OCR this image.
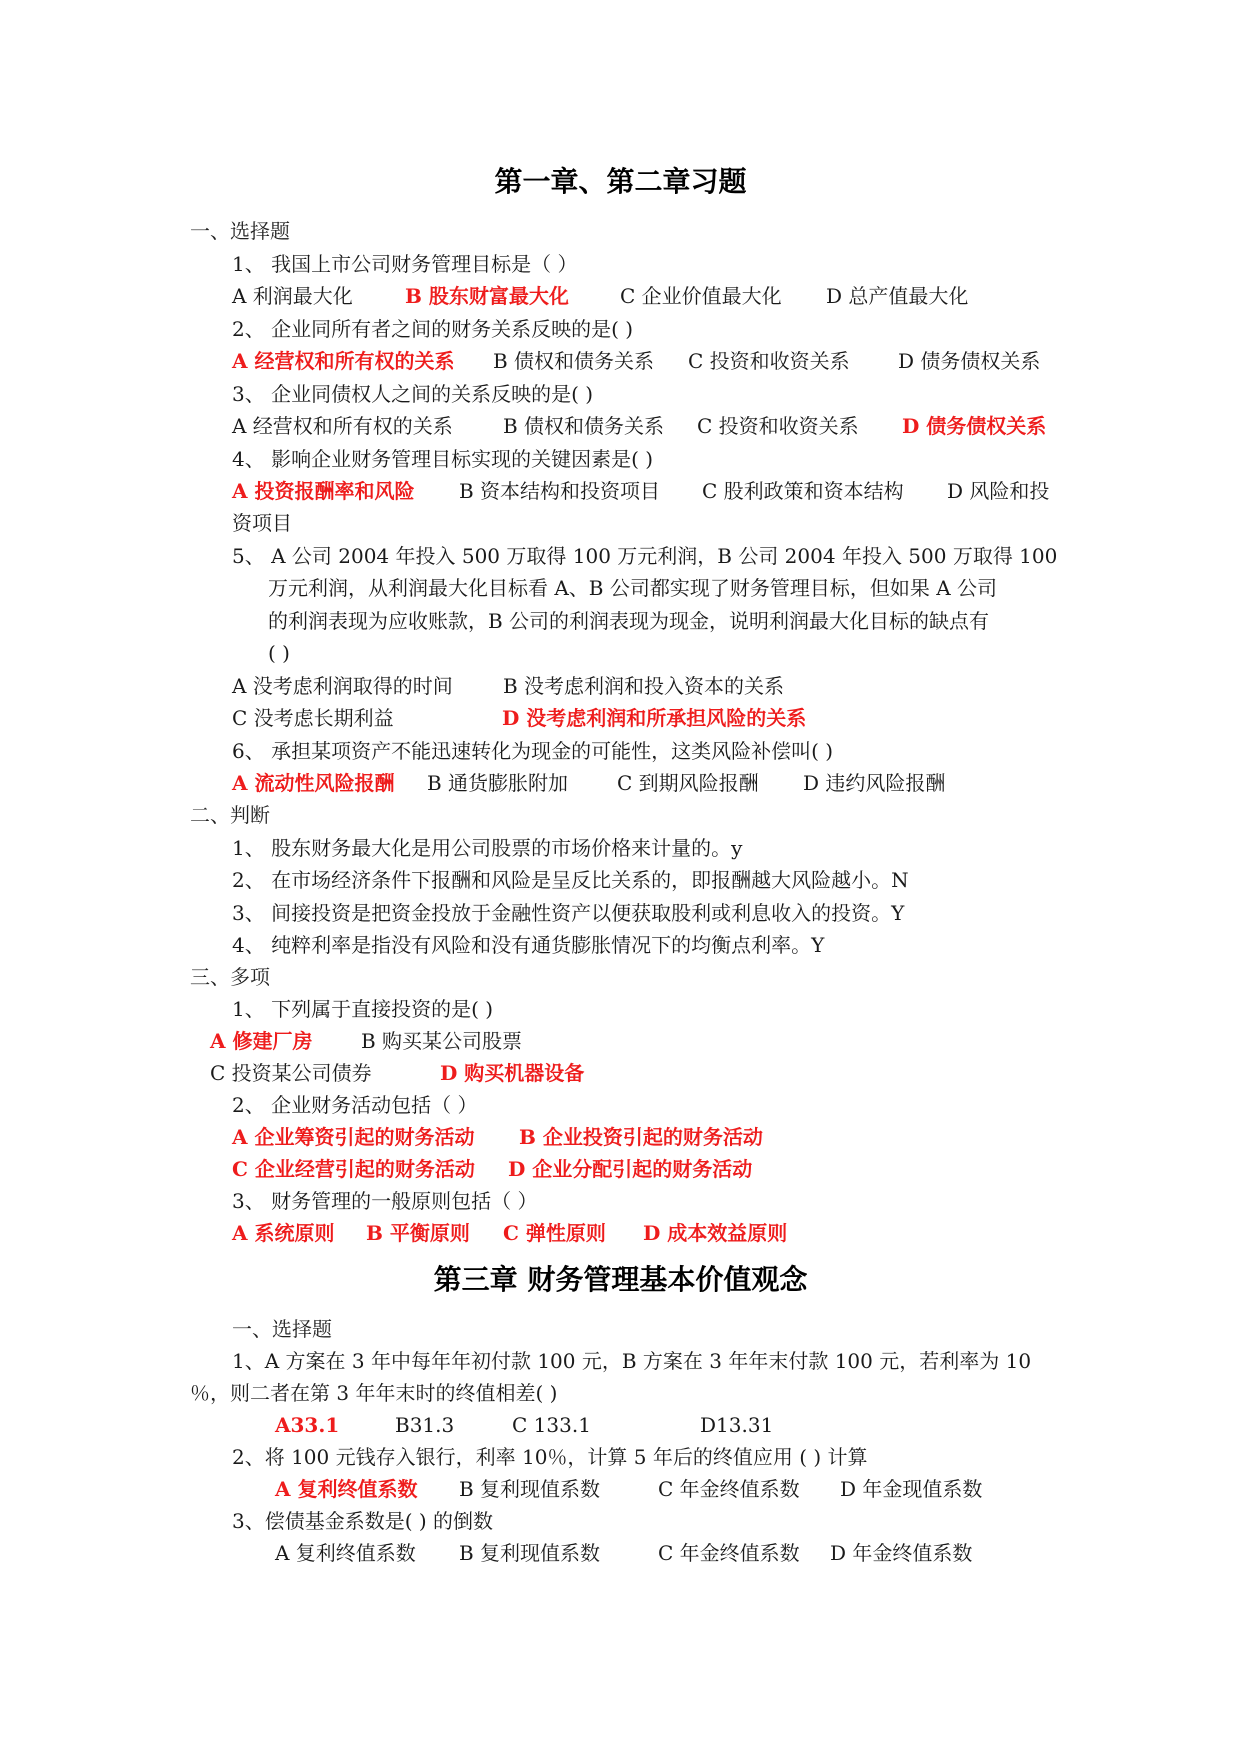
第一章、第二章习题
一、选择题
1、 我国上市公司财务管理目标是（ ）
A 利润最大化	B 股东财富最大化	C 企业价值最大化 D 总产值最大化
2、 企业同所有者之间的财务关系反映的是( )
A 经营权和所有权的关系 B 债权和债务关系 C 投资和收资关系 D 债务债权关系
3、 企业同债权人之间的关系反映的是( )
A 经营权和所有权的关系	B 债权和债务关系 C 投资和收资关系 D 债务债权关系
4、 影响企业财务管理目标实现的关键因素是( )
A 投资报酬率和风险 B 资本结构和投资项目 C 股利政策和资本结构 D 风险和投
资项目
5、 A 公司 2004 年投入 500 万取得 100 万元利润，B 公司 2004 年投入 500 万取得 100
万元利润，从利润最大化目标看 A、B 公司都实现了财务管理目标，但如果 A 公司
的利润表现为应收账款，B 公司的利润表现为现金，说明利润最大化目标的缺点有
( )
A 没考虑利润取得的时间	B 没考虑利润和投入资本的关系
C 没考虑长期利益	D 没考虑利润和所承担风险的关系
6、 承担某项资产不能迅速转化为现金的可能性，这类风险补偿叫( )
A 流动性风险报酬 B 通货膨胀附加 C 到期风险报酬 D 违约风险报酬
二、判断
1、 股东财务最大化是用公司股票的市场价格来计量的。y
2、 在市场经济条件下报酬和风险是呈反比关系的，即报酬越大风险越小。N
3、 间接投资是把资金投放于金融性资产以便获取股利或利息收入的投资。Y
4、 纯粹利率是指没有风险和没有通货膨胀情况下的均衡点利率。Y
三、多项
1、 下列属于直接投资的是( )
A 修建厂房 B 购买某公司股票
C 投资某公司债券	D 购买机器设备
2、 企业财务活动包括（ ）
A 企业筹资引起的财务活动 B 企业投资引起的财务活动
C 企业经营引起的财务活动 D 企业分配引起的财务活动
3、 财务管理的一般原则包括（ ）
A 系统原则 B 平衡原则 C 弹性原则 D 成本效益原则
第三章 财务管理基本价值观念
一、选择题
1、A 方案在 3 年中每年年初付款 100 元，B 方案在 3 年年末付款 100 元，若利率为 10
％，则二者在第 3 年年末时的终值相差( )
A33.1	B31.3	C 133.1	D13.31
2、将 100 元钱存入银行，利率 10％，计算 5 年后的终值应用 ( ) 计算
A 复利终值系数 B 复利现值系数	C 年金终值系数 D 年金现值系数
3、偿债基金系数是( ) 的倒数
A 复利终值系数 B 复利现值系数	C 年金终值系数 D 年金终值系数
